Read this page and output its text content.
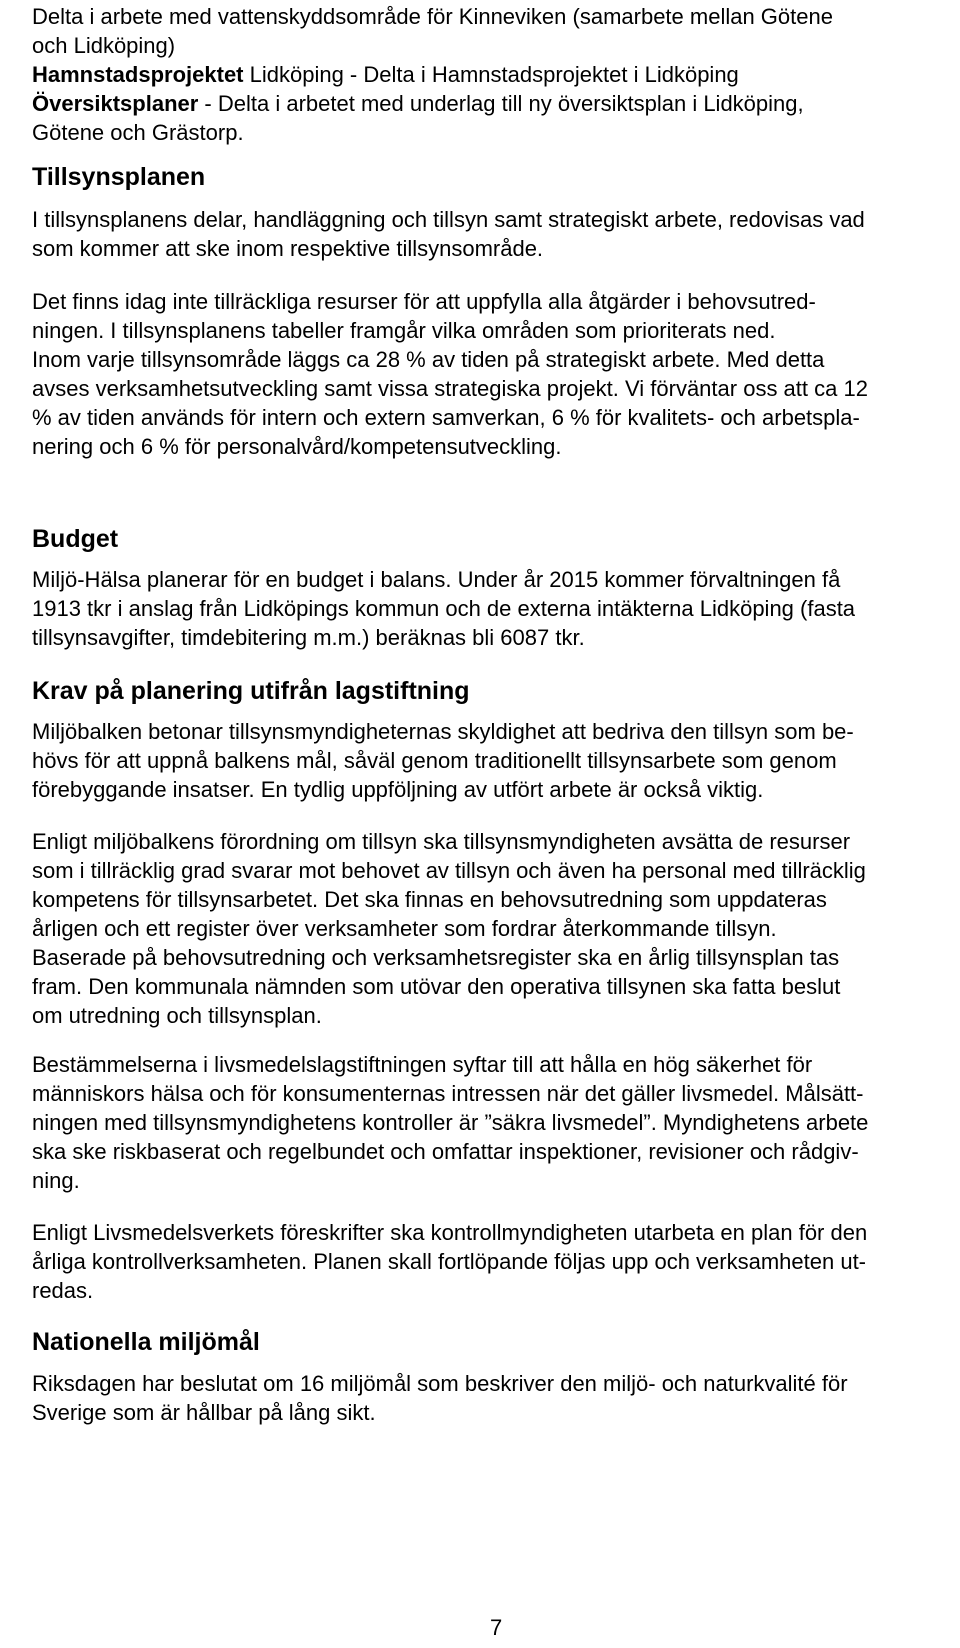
Delta i arbete med vattenskyddsområde för Kinneviken (samarbete mellan Götene
och Lidköping)
Hamnstadsprojektet Lidköping - Delta i Hamnstadsprojektet i Lidköping
Översiktsplaner - Delta i arbetet med underlag till ny översiktsplan i Lidköping,
Götene och Grästorp.
Tillsynsplanen
I tillsynsplanens delar, handläggning och tillsyn samt strategiskt arbete, redovisas vad
som kommer att ske inom respektive tillsynsområde.
Det finns idag inte tillräckliga resurser för att uppfylla alla åtgärder i behovsutred-
ningen. I tillsynsplanens tabeller framgår vilka områden som prioriterats ned.
Inom varje tillsynsområde läggs ca 28 % av tiden på strategiskt arbete. Med detta
avses verksamhetsutveckling samt vissa strategiska projekt. Vi förväntar oss att ca 12
% av tiden används för intern och extern samverkan, 6 % för kvalitets- och arbetspla-
nering och 6 % för personalvård/kompetensutveckling.
Budget
Miljö-Hälsa planerar för en budget i balans. Under år 2015 kommer förvaltningen få
1913 tkr i anslag från Lidköpings kommun och de externa intäkterna Lidköping (fasta
tillsynsavgifter, timdebitering m.m.) beräknas bli 6087 tkr.
Krav på planering utifrån lagstiftning
Miljöbalken betonar tillsynsmyndigheternas skyldighet att bedriva den tillsyn som be-
hövs för att uppnå balkens mål, såväl genom traditionellt tillsynsarbete som genom
förebyggande insatser. En tydlig uppföljning av utfört arbete är också viktig.
Enligt miljöbalkens förordning om tillsyn ska tillsynsmyndigheten avsätta de resurser
som i tillräcklig grad svarar mot behovet av tillsyn och även ha personal med tillräcklig
kompetens för tillsynsarbetet. Det ska finnas en behovsutredning som uppdateras
årligen och ett register över verksamheter som fordrar återkommande tillsyn.
Baserade på behovsutredning och verksamhetsregister ska en årlig tillsynsplan tas
fram. Den kommunala nämnden som utövar den operativa tillsynen ska fatta beslut
om utredning och tillsynsplan.
Bestämmelserna i livsmedelslagstiftningen syftar till att hålla en hög säkerhet för
människors hälsa och för konsumenternas intressen när det gäller livsmedel. Målsätt-
ningen med tillsynsmyndighetens kontroller är ”säkra livsmedel”. Myndighetens arbete
ska ske riskbaserat och regelbundet och omfattar inspektioner, revisioner och rådgiv-
ning.
Enligt Livsmedelsverkets föreskrifter ska kontrollmyndigheten utarbeta en plan för den
årliga kontrollverksamheten. Planen skall fortlöpande följas upp och verksamheten ut-
redas.
Nationella miljömål
Riksdagen har beslutat om 16 miljömål som beskriver den miljö- och naturkvalité för
Sverige som är hållbar på lång sikt.

7
